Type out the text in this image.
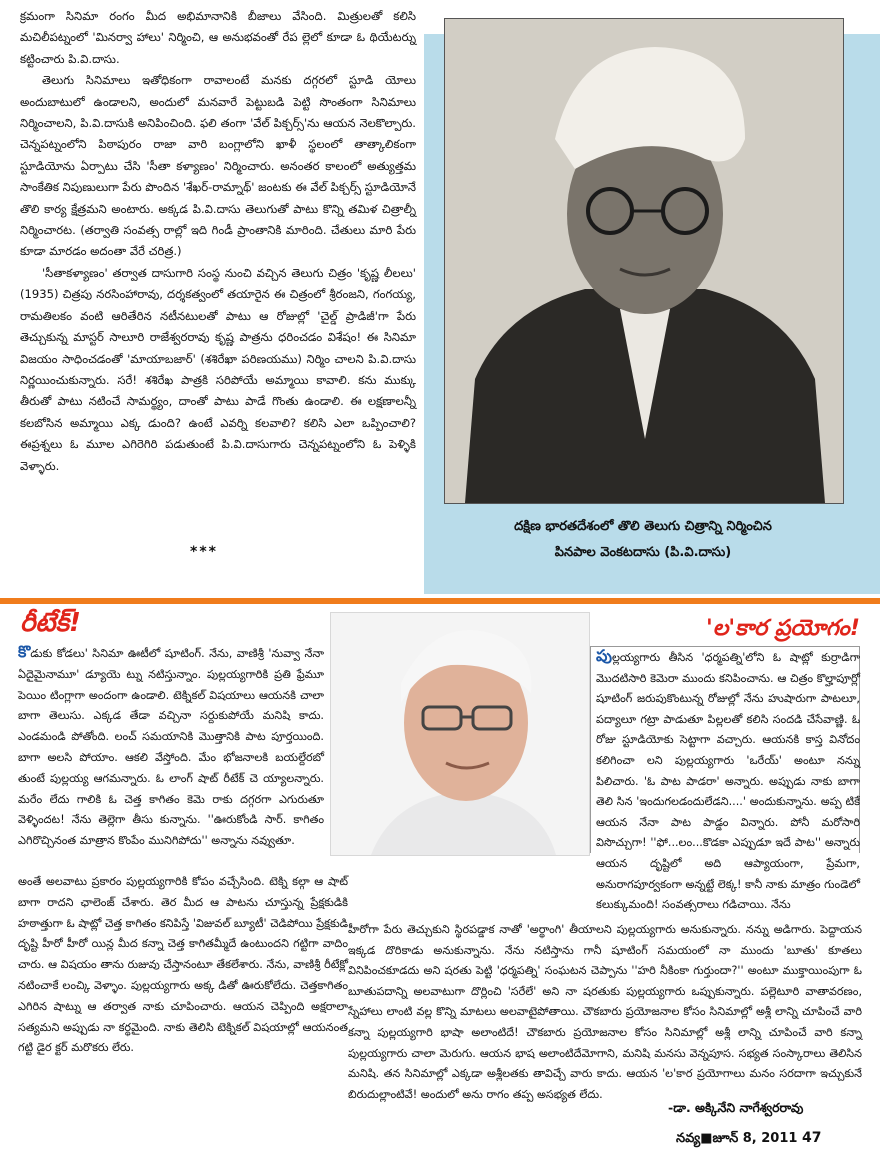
క్రమంగా సినిమా రంగం మీద అభిమానానికి బీజాలు వేసింది. మిత్రులతో కలిసి మచిలీపట్నంలో 'మినర్వా హాలు' నిర్మించి, ఆ అనుభవంతో రేప ల్లెలో కూడా ఓ థియేటర్ను కట్టించారు పి.వి.దాసు.

తెలుగు సినిమాలు ఇతోధికంగా రావాలంటే మనకు దగ్గరలో స్టూడి యోలు అందుబాటులో ఉండాలని, అందులో మనవారే పెట్టుబడి పెట్టి సొంతంగా సినిమాలు నిర్మించాలని, పి.వి.దాసుకి అనిపించింది. ఫలి తంగా 'వేల్ పిక్చర్స్'ను ఆయన నెలకొల్పారు. చెన్నపట్నంలోని పిఠాపురం రాజా వారి బంగ్లాలోని ఖాళీ స్థలంలో తాత్కాలికంగా స్టూడియోను ఏర్పాటు చేసి 'సీతా కళ్యాణం' నిర్మించారు. అనంతర కాలంలో అత్యుత్తమ సాంకేతిక నిపుణులుగా పేరు పొందిన 'శేఖర్-రామ్నాథ్' జంటకు ఈ వేల్ పిక్చర్స్ స్టూడియోనే తొలి కార్య క్షేత్రమని అంటారు. అక్కడ పి.వి.దాసు తెలుగుతో పాటు కొన్ని తమిళ చిత్రాల్నీ నిర్మించారట. (తర్వాతి సంవత్స రాల్లో ఇది గిండీ ప్రాంతానికి మారింది. చేతులు మారి పేరు కూడా మారడం అదంతా వేరే చరిత్ర.)

'సీతాకళ్యాణం' తర్వాత దాసుగారి సంస్థ నుంచి వచ్చిన తెలుగు చిత్రం 'కృష్ణ లీలలు' (1935) చిత్రపు నరసింహారావు, దర్శకత్వంలో తయారైన ఈ చిత్రంలో శ్రీరంజని, గంగయ్య, రామతిలకం వంటి ఆరితేరిన నటీనటులతో పాటు ఆ రోజుల్లో 'చైల్డ్ ప్రాడిజీ'గా పేరు తెచ్చుకున్న మాస్టర్ సాలూరి రాజేశ్వరరావు కృష్ణ పాత్రను ధరించడం విశేషం! ఈ సినిమా విజయం సాధించడంతో 'మాయాబజార్' (శశిరేఖా పరిణయము) నిర్మిం చాలని పి.వి.దాసు నిర్ణయించుకున్నారు. సరే! శశిరేఖ పాత్రకి సరిపోయే అమ్మాయి కావాలి. కను ముక్కు తీరుతో పాటు నటించే సామర్థ్యం, దాంతో పాటు పాడే గొంతు ఉండాలి. ఈ లక్షణాలన్నీ కలబోసిన అమ్మాయి ఎక్క డుంది? ఉంటే ఎవర్ని కలవాలి? కలిసి ఎలా ఒప్పించాలి? ఈప్రశ్నలు ఓ మూల ఎగిరెగిరి పడుతుంటే పి.వి.దాసుగారు చెన్నపట్నంలోని ఓ పెళ్ళికి వెళ్ళారు.

***
దక్షిణ భారతదేశంలో తొలి తెలుగు చిత్రాన్ని నిర్మించిన
పినపాల వెంకటదాసు (పి.వి.దాసు)
రీటేక్!

కొడుకు కోడలు' సినిమా ఊటీలో షూటింగ్. నేను, వాణిశ్రీ 'నువ్వా నేనా ఏదైమైనామూ' డ్యూయె ట్ను నటిస్తున్నాం. పుల్లయ్యగారికి ప్రతి ఫ్రేమూ పెయిం టింగ్లాగా అందంగా ఉండాలి. టెక్నికల్ విషయాలు ఆయనకి చాలా బాగా తెలుసు. ఎక్కడ తేడా వచ్చినా సర్దుకుపోయే మనిషి కాదు. ఎండమండి పోతోంది. లంచ్ సమయానికి మొత్తానికి పాట పూర్తయింది. బాగా అలసి పోయాం. ఆకలి వేస్తోంది. మేం భోజనాలకి బయల్దేరబో తుంటే పుల్లయ్య ఆగమన్నారు. ఓ లాంగ్ షాట్ రీటేక్ చె య్యాలన్నారు. మరేం లేదు గాలికి ఓ చెత్త కాగితం కెమె రాకు దగ్గరగా ఎగురుతూ వెళ్ళిందట! నేను తెల్లెగా తీసు కున్నాను. ''ఊరుకోండి సార్. కాగితం ఎగిరొచ్చినంత మాత్రాన కొంపేం మునిగిపోదు'' అన్నాను నవ్వుతూ.

అంతే అలవాటు ప్రకారం పుల్లయ్యగారికి కోపం వచ్చేసింది. టెక్ని కల్గా ఆ షాట్ బాగా రాదని ఛాలెంజ్ చేశారు. తెర మీద ఆ పాటను చూస్తున్న ప్రేక్షకుడికి హఠాత్తుగా ఓ షాట్లో చెత్త కాగితం కనిపిస్తే 'విజువల్ బ్యూటీ' చెడిపోయి ప్రేక్షకుడి దృష్టి హీరో హీరో యిన్ల మీద కన్నా చెత్త కాగితమ్మీదే ఉంటుందని గట్టిగా వాదిం చారు. ఆ విషయం తాను రుజువు చేస్తానంటూ తేకలేశారు. నేను, వాణిశ్రీ రీటేక్లో నటించాకే లంచ్కి వెళ్ళాం. పుల్లయ్యగారు అక్క డితో ఊరుకోలేదు. చెత్తకాగితం ఎగిరిన షాట్ను ఆ తర్వాత నాకు చూపించారు. ఆయన చెప్పింది అక్షరాలా సత్యమని అప్పుడు నా కర్థమైంది. నాకు తెలిసి టెక్నికల్ విషయాల్లో ఆయనంత గట్టి డైర క్టర్ మరొకరు లేరు.

'ల'కార ప్రయోగం!

పుల్లయ్యగారు తీసిన 'ధర్మపత్ని'లోని ఓ షాట్లో కుర్రాడిగా మొదటిసారి కెమెరా ముందు కనిపించాను. ఆ చిత్రం కొల్హాపూర్లో షూటింగ్ జరుపుకొంటున్న రోజుల్లో నేను హుషారుగా పాటలూ, పద్యాలూ గట్రా పాడుతూ పిల్లలతో కలిసి సందడి చేసేవాణ్ణి. ఓ రోజు స్టూడియోకు సెట్టాగా వచ్చారు. ఆయనకి కాస్త వినోదం కలిగించా లని పుల్లయ్యగారు 'ఒరేయ్' అంటూ నన్ను పిలిచారు. 'ఓ పాట పాడరా' అన్నారు. అప్పుడు నాకు బాగా తెలి సిన 'ఇందుగలడందులేడని....' అందుకున్నాను. అప్ప టికే ఆయన నేనా పాట పాడ్డం విన్నారు. పోనీ మరోసారి విసొచ్చుగా! ''ఫో...లం...కొడకా ఎప్పుడూ ఇదే పాట'' అన్నారు ఆయన దృష్టిలో అది ఆప్యాయంగా, ప్రేమగా, అనురాగపూర్వకంగా అన్నట్టే లెక్క! కానీ నాకు మాత్రం గుండెలో కలుక్కుమంది! సంవత్సరాలు గడిచాయి. నేను

హీరోగా పేరు తెచ్చుకుని స్థిరపడ్డాక నాతో 'అర్థాంగి' తీయాలని పుల్లయ్యగారు అనుకున్నారు. నన్ను అడిగారు. పెద్దాయన ఇక్కడ దొరికాడు అనుకున్నాను. నేను నటిస్తాను గానీ షూటింగ్ సమయంలో నా ముందు 'బూతు' కూతలు వినిపించకూడదు అని షరతు పెట్టి 'ధర్మపత్ని' సంఘటన చెప్పాను ''హరి నీకింకా గుర్తుందా?'' అంటూ ముక్తాయింపుగా ఓ బూతుపదాన్ని అలవాటుగా దొర్లించి 'సరేలే' అని నా షరతుకు పుల్లయ్యగారు ఒప్పుకున్నారు. పల్లెటూరి వాతావరణం, స్నేహాలు లాంటి వల్ల కొన్ని మాటలు అలవాటైపోతాయి. చౌకబారు ప్రయోజనాల కోసం సినిమాల్లో అశ్లీ లాన్ని చూపించే వారి కన్నా పుల్లయ్యగారి భాషా అలాంటిదే! చౌకబారు ప్రయోజనాల కోసం సినిమాల్లో అశ్లీ లాన్ని చూపించే వారి కన్నా పుల్లయ్యగారు చాలా మెరుగు. ఆయన భాష అలాంటిదేమోగాని, మనిషి మనసు వెన్నపూస. సభ్యత సంస్కారాలు తెలిసిన మనిషి. తన సినిమాల్లో ఎక్కడా అశ్లీలతకు తావిచ్చే వారు కాదు. ఆయన 'ల'కార ప్రయోగాలు మనం సరదాగా ఇచ్చుకునే బిరుదుల్లాంటివే! అందులో అను రాగం తప్ప అసభ్యత లేదు.

-డా. అక్కినేని నాగేశ్వరరావు
నవ్య■జూన్ 8, 2011 47
